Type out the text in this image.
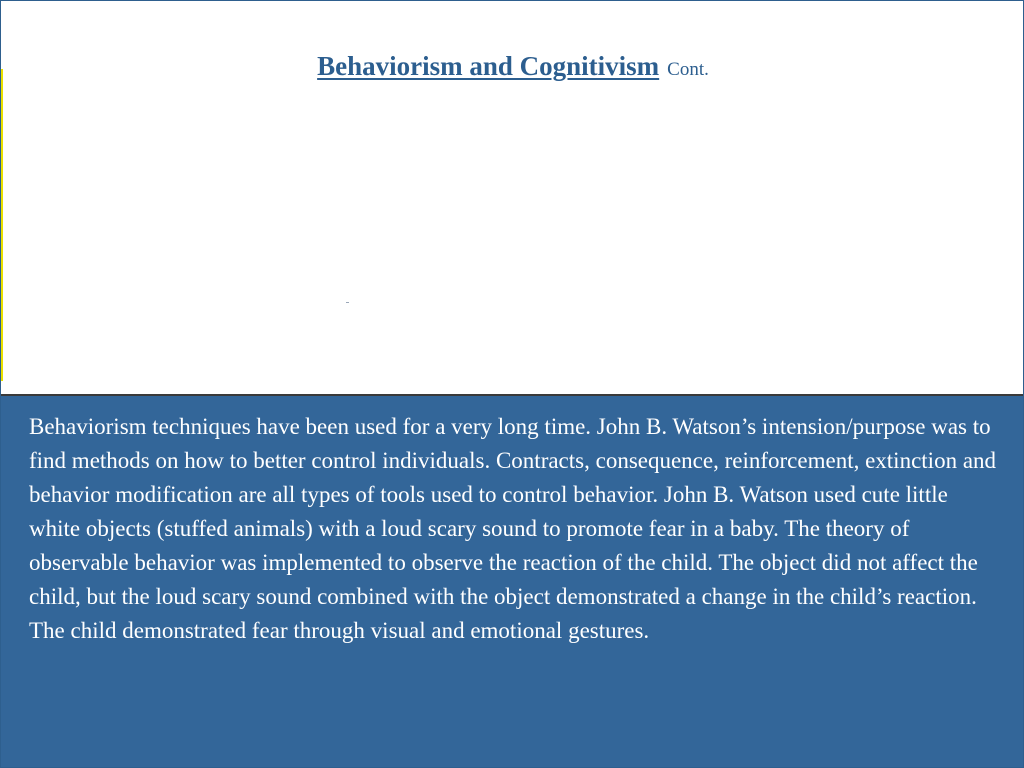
Behaviorism and Cognitivism Cont.

Behaviorism techniques have been used for a very long time. John B. Watson’s intension/purpose was to find methods on how to better control individuals. Contracts, consequence, reinforcement, extinction and behavior modification are all types of tools used to control behavior. John B. Watson used cute little white objects (stuffed animals) with a loud scary sound to promote fear in a baby. The theory of observable behavior was implemented to observe the reaction of the child. The object did not affect the child, but the loud scary sound combined with the object demonstrated a change in the child’s reaction. The child demonstrated fear through visual and emotional gestures.
